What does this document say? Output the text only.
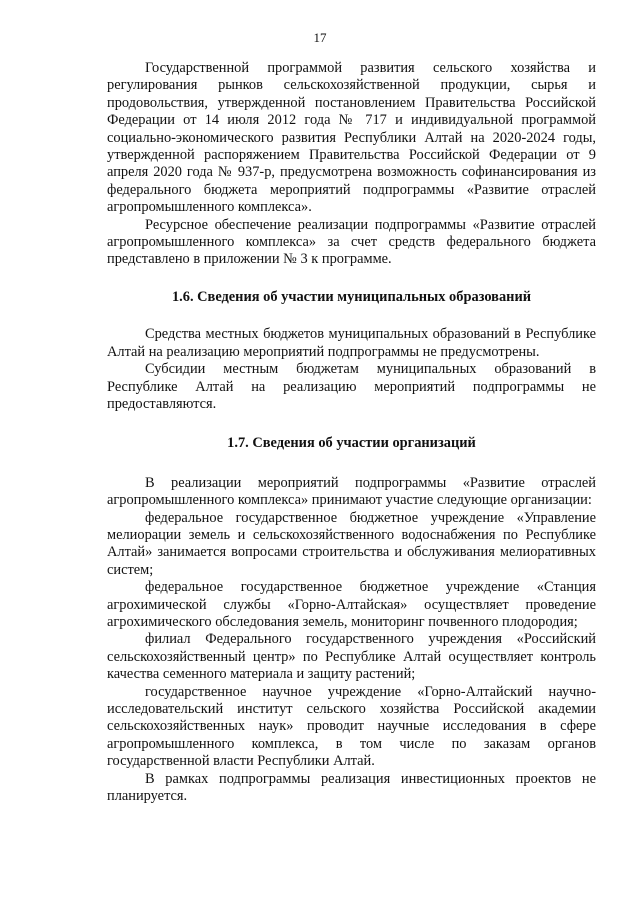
17

Государственной программой развития сельского хозяйства и регулирования рынков сельскохозяйственной продукции, сырья и продовольствия, утвержденной постановлением Правительства Российской Федерации от 14 июля 2012 года № 717 и индивидуальной программой социально-экономического развития Республики Алтай на 2020-2024 годы, утвержденной распоряжением Правительства Российской Федерации от 9 апреля 2020 года № 937-р, предусмотрена возможность софинансирования из федерального бюджета мероприятий подпрограммы «Развитие отраслей агропромышленного комплекса».

Ресурсное обеспечение реализации подпрограммы «Развитие отраслей агропромышленного комплекса» за счет средств федерального бюджета представлено в приложении № 3 к программе.

1.6. Сведения об участии муниципальных образований

Средства местных бюджетов муниципальных образований в Республике Алтай на реализацию мероприятий подпрограммы не предусмотрены.

Субсидии местным бюджетам муниципальных образований в Республике Алтай на реализацию мероприятий подпрограммы не предоставляются.

1.7. Сведения об участии организаций

В реализации мероприятий подпрограммы «Развитие отраслей агропромышленного комплекса» принимают участие следующие организации:

федеральное государственное бюджетное учреждение «Управление мелиорации земель и сельскохозяйственного водоснабжения по Республике Алтай» занимается вопросами строительства и обслуживания мелиоративных систем;

федеральное государственное бюджетное учреждение «Станция агрохимической службы «Горно-Алтайская» осуществляет проведение агрохимического обследования земель, мониторинг почвенного плодородия;

филиал Федерального государственного учреждения «Российский сельскохозяйственный центр» по Республике Алтай осуществляет контроль качества семенного материала и защиту растений;

государственное научное учреждение «Горно-Алтайский научно-исследовательский институт сельского хозяйства Российской академии сельскохозяйственных наук» проводит научные исследования в сфере агропромышленного комплекса, в том числе по заказам органов государственной власти Республики Алтай.

В рамках подпрограммы реализация инвестиционных проектов не планируется.
